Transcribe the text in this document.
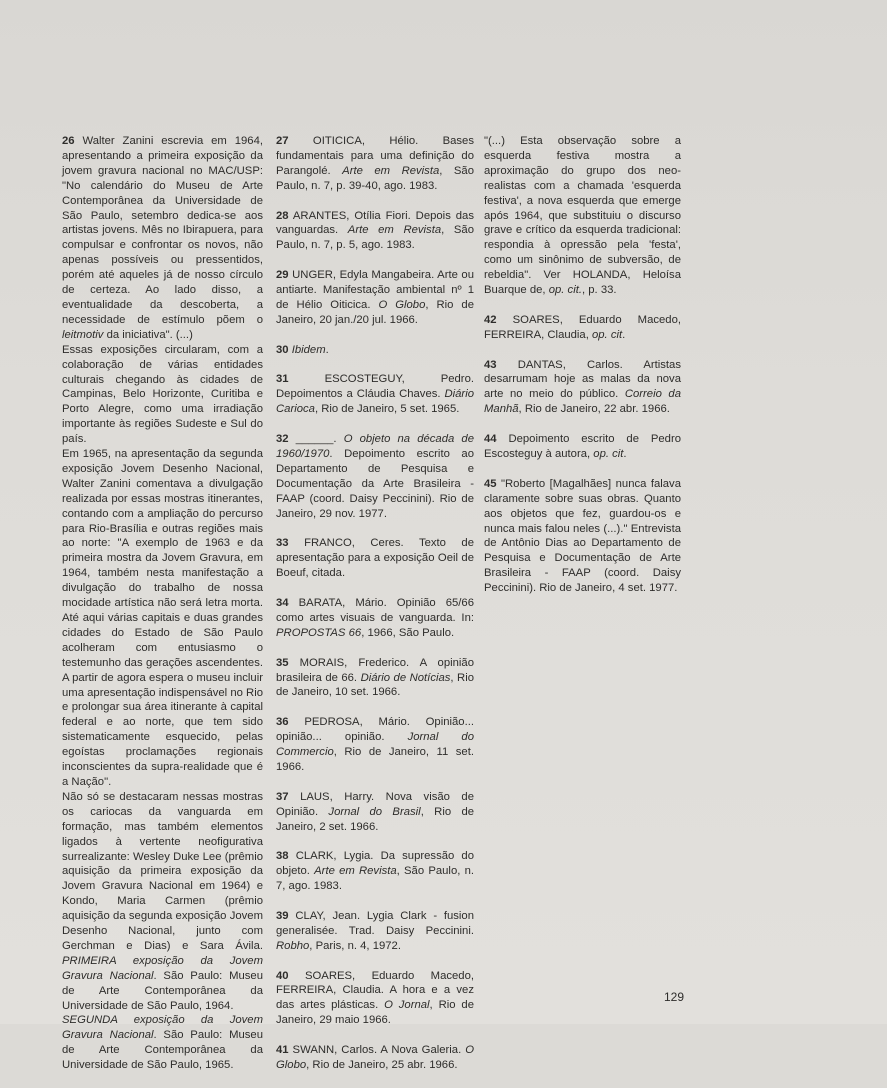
26 Walter Zanini escrevia em 1964, apresentando a primeira exposição da jovem gravura nacional no MAC/USP: "No calendário do Museu de Arte Contemporânea da Universidade de São Paulo, setembro dedica-se aos artistas jovens. Mês no Ibirapuera, para compulsar e confrontar os novos, não apenas possíveis ou pressentidos, porém até aqueles já de nosso círculo de certeza. Ao lado disso, a eventualidade da descoberta, a necessidade de estímulo põem o leitmotiv da iniciativa". (...)

Essas exposições circularam, com a colaboração de várias entidades culturais chegando às cidades de Campinas, Belo Horizonte, Curitiba e Porto Alegre, como uma irradiação importante às regiões Sudeste e Sul do país.

Em 1965, na apresentação da segunda exposição Jovem Desenho Nacional, Walter Zanini comentava a divulgação realizada por essas mostras itinerantes, contando com a ampliação do percurso para Rio-Brasília e outras regiões mais ao norte: "A exemplo de 1963 e da primeira mostra da Jovem Gravura, em 1964, também nesta manifestação a divulgação do trabalho de nossa mocidade artística não será letra morta. Até aqui várias capitais e duas grandes cidades do Estado de São Paulo acolheram com entusiasmo o testemunho das gerações ascendentes. A partir de agora espera o museu incluir uma apresentação indispensável no Rio e prolongar sua área itinerante à capital federal e ao norte, que tem sido sistematicamente esquecido, pelas egoístas proclamações regionais inconscientes da supra-realidade que é a Nação".

Não só se destacaram nessas mostras os cariocas da vanguarda em formação, mas também elementos ligados à vertente neofigurativa surrealizante: Wesley Duke Lee (prêmio aquisição da primeira exposição da Jovem Gravura Nacional em 1964) e Kondo, Maria Carmen (prêmio aquisição da segunda exposição Jovem Desenho Nacional, junto com Gerchman e Dias) e Sara Ávila. PRIMEIRA exposição da Jovem Gravura Nacional. São Paulo: Museu de Arte Contemporânea da Universidade de São Paulo, 1964.

SEGUNDA exposição da Jovem Gravura Nacional. São Paulo: Museu de Arte Contemporânea da Universidade de São Paulo, 1965.

27 OITICICA, Hélio. Bases fundamentais para uma definição do Parangolé. Arte em Revista, São Paulo, n. 7, p. 39-40, ago. 1983.

28 ARANTES, Otília Fiori. Depois das vanguardas. Arte em Revista, São Paulo, n. 7, p. 5, ago. 1983.

29 UNGER, Edyla Mangabeira. Arte ou antiarte. Manifestação ambiental nº 1 de Hélio Oiticica. O Globo, Rio de Janeiro, 20 jan./20 jul. 1966.

30 Ibidem.

31 ESCOSTEGUY, Pedro. Depoimentos a Cláudia Chaves. Diário Carioca, Rio de Janeiro, 5 set. 1965.

32 ______. O objeto na década de 1960/1970. Depoimento escrito ao Departamento de Pesquisa e Documentação da Arte Brasileira -FAAP (coord. Daisy Peccinini). Rio de Janeiro, 29 nov. 1977.

33 FRANCO, Ceres. Texto de apresentação para a exposição Oeil de Boeuf, citada.

34 BARATA, Mário. Opinião 65/66 como artes visuais de vanguarda. In: PROPOSTAS 66, 1966, São Paulo.

35 MORAIS, Frederico. A opinião brasileira de 66. Diário de Notícias, Rio de Janeiro, 10 set. 1966.

36 PEDROSA, Mário. Opinião... opinião... opinião. Jornal do Commercio, Rio de Janeiro, 11 set. 1966.

37 LAUS, Harry. Nova visão de Opinião. Jornal do Brasil, Rio de Janeiro, 2 set. 1966.

38 CLARK, Lygia. Da supressão do objeto. Arte em Revista, São Paulo, n. 7, ago. 1983.

39 CLAY, Jean. Lygia Clark - fusion generalisée. Trad. Daisy Peccinini. Robho, Paris, n. 4, 1972.

40 SOARES, Eduardo Macedo, FERREIRA, Claudia. A hora e a vez das artes plásticas. O Jornal, Rio de Janeiro, 29 maio 1966.

41 SWANN, Carlos. A Nova Galeria. O Globo, Rio de Janeiro, 25 abr. 1966.

"(...) Esta observação sobre a esquerda festiva mostra a aproximação do grupo dos neo-realistas com a chamada 'esquerda festiva', a nova esquerda que emerge após 1964, que substituiu o discurso grave e crítico da esquerda tradicional: respondia à opressão pela 'festa', como um sinônimo de subversão, de rebeldia". Ver HOLANDA, Heloísa Buarque de, op. cit., p. 33.

42 SOARES, Eduardo Macedo, FERREIRA, Claudia, op. cit.

43 DANTAS, Carlos. Artistas desarrumam hoje as malas da nova arte no meio do público. Correio da Manhã, Rio de Janeiro, 22 abr. 1966.

44 Depoimento escrito de Pedro Escosteguy à autora, op. cit.

45 "Roberto [Magalhães] nunca falava claramente sobre suas obras. Quanto aos objetos que fez, guardou-os e nunca mais falou neles (...)." Entrevista de Antônio Dias ao Departamento de Pesquisa e Documentação de Arte Brasileira - FAAP (coord. Daisy Peccinini). Rio de Janeiro, 4 set. 1977.

129
